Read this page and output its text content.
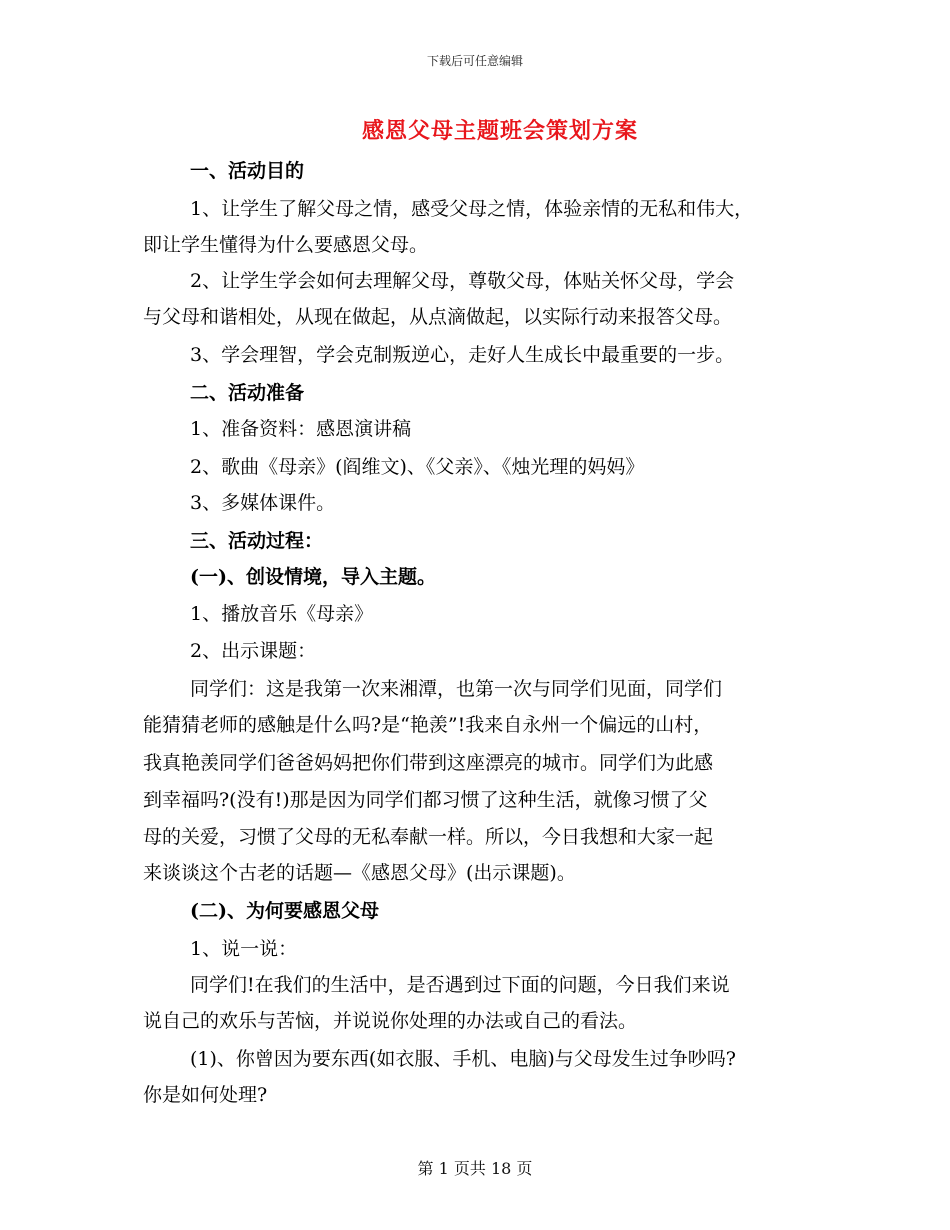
下载后可任意编辑
感恩父母主题班会策划方案
一、活动目的
1、让学生了解父母之情，感受父母之情，体验亲情的无私和伟大，
即让学生懂得为什么要感恩父母。
2、让学生学会如何去理解父母，尊敬父母，体贴关怀父母，学会
与父母和谐相处，从现在做起，从点滴做起，以实际行动来报答父母。
3、学会理智，学会克制叛逆心，走好人生成长中最重要的一步。
二、活动准备
1、准备资料：感恩演讲稿
2、歌曲《母亲》(阎维文)、《父亲》、《烛光理的妈妈》
3、多媒体课件。
三、活动过程：
(一)、创设情境，导入主题。
1、播放音乐《母亲》
2、出示课题：
同学们：这是我第一次来湘潭，也第一次与同学们见面，同学们
能猜猜老师的感触是什么吗?是“艳羡”!我来自永州一个偏远的山村，
我真艳羡同学们爸爸妈妈把你们带到这座漂亮的城市。同学们为此感
到幸福吗?(没有!)那是因为同学们都习惯了这种生活，就像习惯了父
母的关爱，习惯了父母的无私奉献一样。所以，今日我想和大家一起
来谈谈这个古老的话题—《感恩父母》(出示课题)。
(二)、为何要感恩父母
1、说一说：
同学们!在我们的生活中，是否遇到过下面的问题，今日我们来说
说自己的欢乐与苦恼，并说说你处理的办法或自己的看法。
(1)、你曾因为要东西(如衣服、手机、电脑)与父母发生过争吵吗?
你是如何处理?
第 1 页共 18 页
